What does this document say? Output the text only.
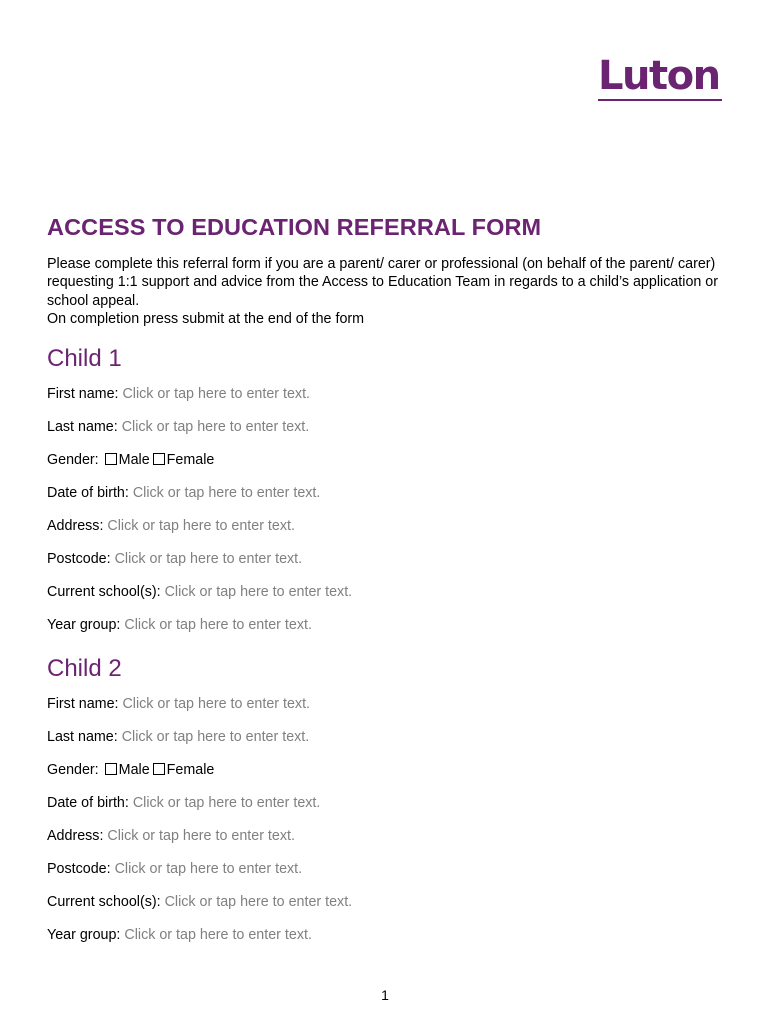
Luton
ACCESS TO EDUCATION REFERRAL FORM

Please complete this referral form if you are a parent/ carer or professional (on behalf of the parent/ carer) requesting 1:1 support and advice from the Access to Education Team in regards to a child’s application or school appeal.

On completion press submit at the end of the form

Child 1
First name: Click or tap here to enter text.
Last name: Click or tap here to enter text.
Gender: Male Female
Date of birth: Click or tap here to enter text.
Address: Click or tap here to enter text.
Postcode: Click or tap here to enter text.
Current school(s): Click or tap here to enter text.
Year group: Click or tap here to enter text.
Child 2
First name: Click or tap here to enter text.
Last name: Click or tap here to enter text.
Gender: Male Female
Date of birth: Click or tap here to enter text.
Address: Click or tap here to enter text.
Postcode: Click or tap here to enter text.
Current school(s): Click or tap here to enter text.
Year group: Click or tap here to enter text.
1
